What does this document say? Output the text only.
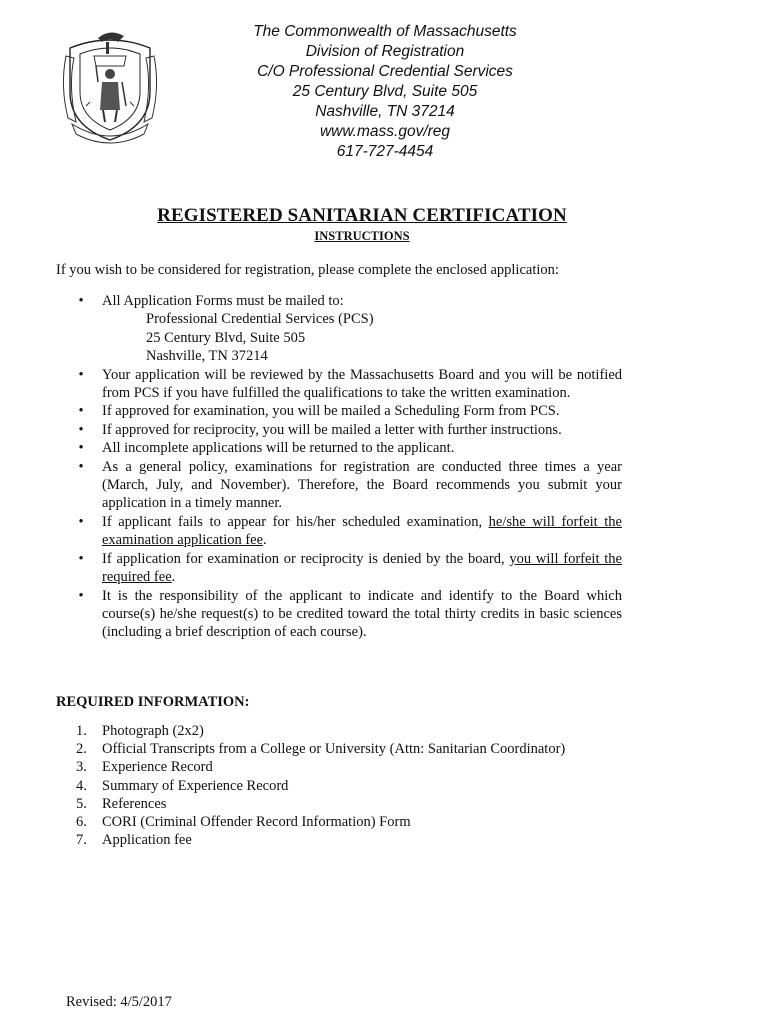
The Commonwealth of Massachusetts
Division of Registration
C/O Professional Credential Services
25 Century Blvd, Suite 505
Nashville, TN 37214
www.mass.gov/reg
617-727-4454
REGISTERED SANITARIAN CERTIFICATION
INSTRUCTIONS
If you wish to be considered for registration, please complete the enclosed application:
• All Application Forms must be mailed to:
Professional Credential Services (PCS)
25 Century Blvd, Suite 505
Nashville, TN 37214
• Your application will be reviewed by the Massachusetts Board and you will be notified from PCS if you have fulfilled the qualifications to take the written examination.
• If approved for examination, you will be mailed a Scheduling Form from PCS.
• If approved for reciprocity, you will be mailed a letter with further instructions.
• All incomplete applications will be returned to the applicant.
• As a general policy, examinations for registration are conducted three times a year (March, July, and November). Therefore, the Board recommends you submit your application in a timely manner.
• If applicant fails to appear for his/her scheduled examination, he/she will forfeit the examination application fee.
• If application for examination or reciprocity is denied by the board, you will forfeit the required fee.
• It is the responsibility of the applicant to indicate and identify to the Board which course(s) he/she request(s) to be credited toward the total thirty credits in basic sciences (including a brief description of each course).
REQUIRED INFORMATION:
1. Photograph (2x2)
2. Official Transcripts from a College or University (Attn: Sanitarian Coordinator)
3. Experience Record
4. Summary of Experience Record
5. References
6. CORI (Criminal Offender Record Information) Form
7. Application fee
Revised: 4/5/2017
